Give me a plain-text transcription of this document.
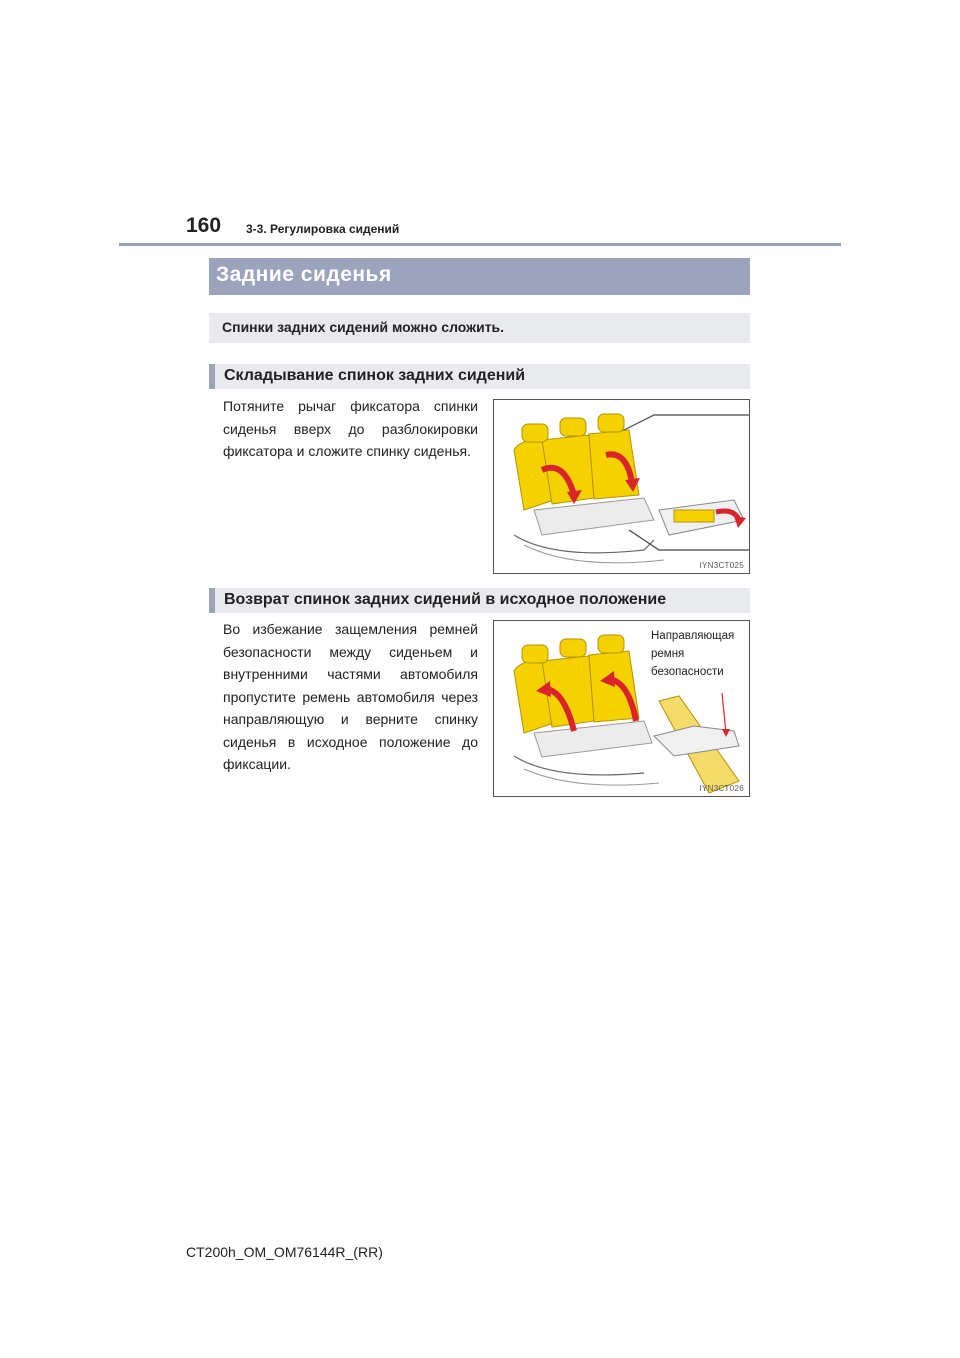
160 3-3. Регулировка сидений
Задние сиденья
Спинки задних сидений можно сложить.
Складывание спинок задних сидений

Потяните рычаг фиксатора спинки сиденья вверх до разблокировки фиксатора и сложите спинку сиденья.

IYN3CT025
Возврат спинок задних сидений в исходное положение

Во избежание защемления ремней безопасности между сиденьем и внутренними частями автомобиля пропустите ремень автомобиля через направляющую и верните спинку сиденья в исходное положение до фиксации.

Направляющая ремня безопасности
IYN3CT026
CT200h_OM_OM76144R_(RR)
